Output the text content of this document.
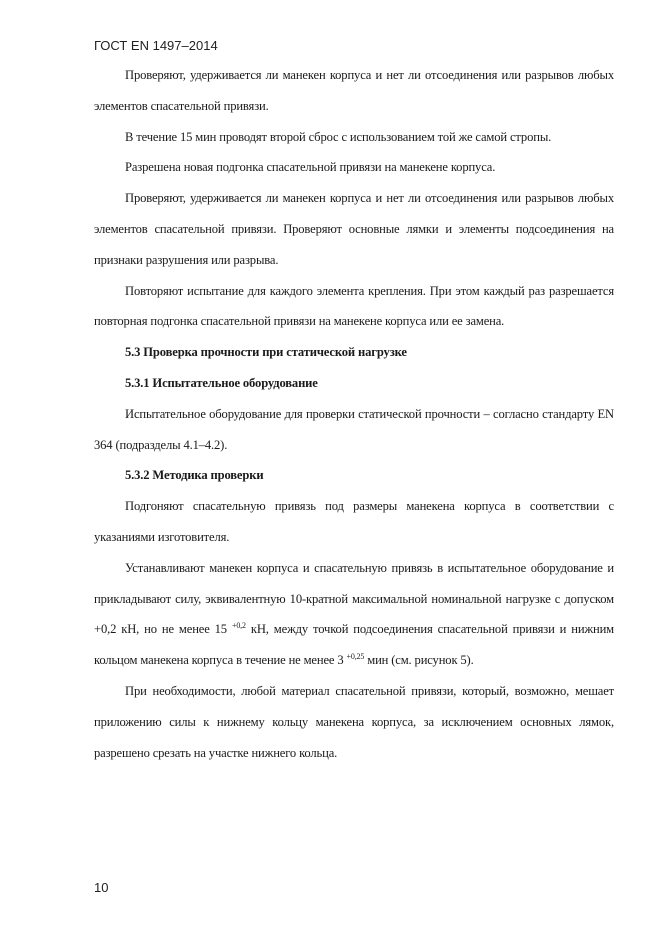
ГОСТ EN 1497–2014

Проверяют, удерживается ли манекен корпуса и нет ли отсоединения или разрывов любых элементов спасательной привязи.

В течение 15 мин проводят второй сброс с использованием той же самой стропы.

Разрешена новая подгонка спасательной привязи на манекене корпуса.

Проверяют, удерживается ли манекен корпуса и нет ли отсоединения или разрывов любых элементов спасательной привязи. Проверяют основные лямки и элементы подсоединения на признаки разрушения или разрыва.

Повторяют испытание для каждого элемента крепления. При этом каждый раз разрешается повторная подгонка спасательной привязи на манекене корпуса или ее замена.

5.3 Проверка прочности при статической нагрузке

5.3.1 Испытательное оборудование

Испытательное оборудование для проверки статической прочности – согласно стандарту EN 364 (подразделы 4.1–4.2).

5.3.2 Методика проверки

Подгоняют спасательную привязь под размеры манекена корпуса в соответствии с указаниями изготовителя.

Устанавливают манекен корпуса и спасательную привязь в испытательное оборудование и прикладывают силу, эквивалентную 10-кратной максимальной номинальной нагрузке с допуском +0,2 кН, но не менее 15 $^{+0,2}$ кН, между точкой подсоединения спасательной привязи и нижним кольцом манекена корпуса в течение не менее 3 $^{+0,25}$ мин (см. рисунок 5).

При необходимости, любой материал спасательной привязи, который, возможно, мешает приложению силы к нижнему кольцу манекена корпуса, за исключением основных лямок, разрешено срезать на участке нижнего кольца.

10
